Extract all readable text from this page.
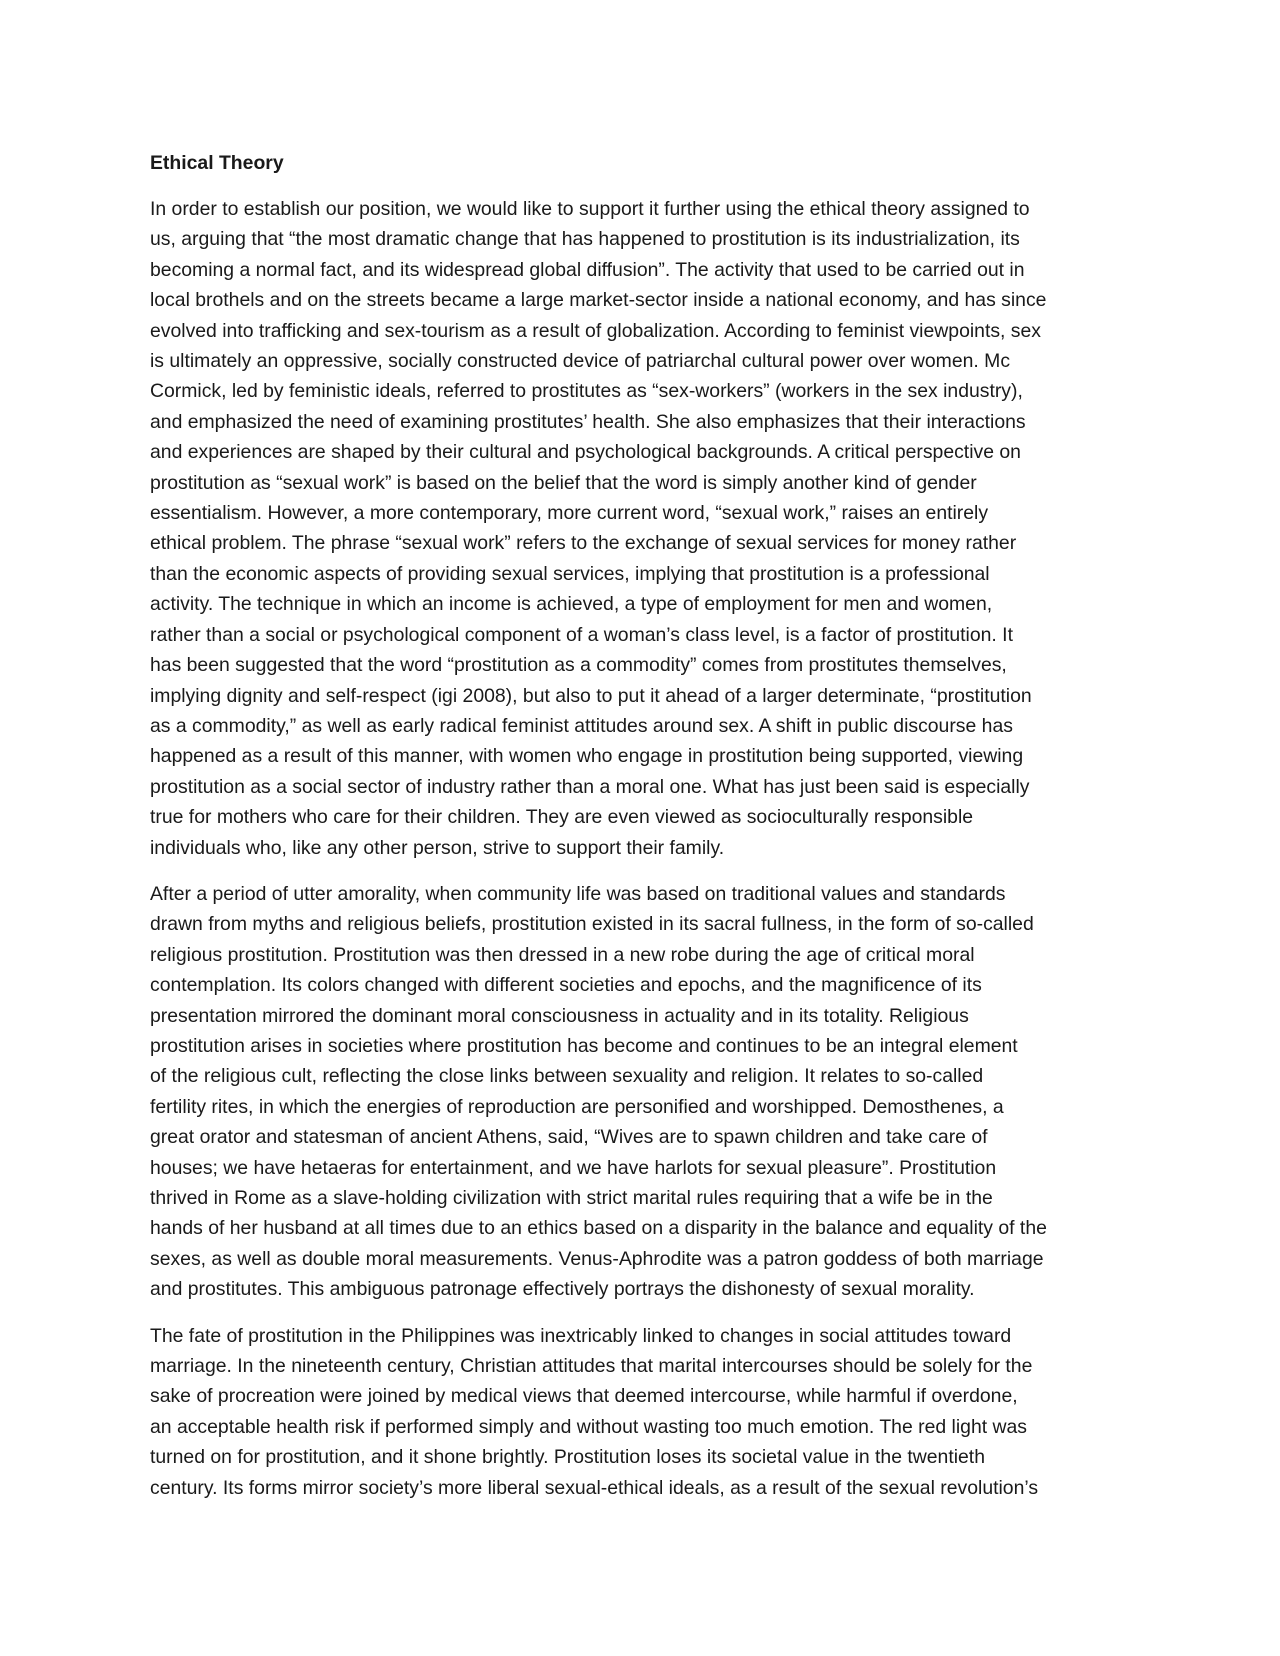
Ethical Theory
In order to establish our position, we would like to support it further using the ethical theory assigned to
us, arguing that “the most dramatic change that has happened to prostitution is its industrialization, its
becoming a normal fact, and its widespread global diffusion”. The activity that used to be carried out in
local brothels and on the streets became a large market-sector inside a national economy, and has since
evolved into trafficking and sex-tourism as a result of globalization. According to feminist viewpoints, sex
is ultimately an oppressive, socially constructed device of patriarchal cultural power over women. Mc
Cormick, led by feministic ideals, referred to prostitutes as “sex-workers” (workers in the sex industry),
and emphasized the need of examining prostitutes’ health. She also emphasizes that their interactions
and experiences are shaped by their cultural and psychological backgrounds. A critical perspective on
prostitution as “sexual work” is based on the belief that the word is simply another kind of gender
essentialism. However, a more contemporary, more current word, “sexual work,” raises an entirely
ethical problem. The phrase “sexual work” refers to the exchange of sexual services for money rather
than the economic aspects of providing sexual services, implying that prostitution is a professional
activity. The technique in which an income is achieved, a type of employment for men and women,
rather than a social or psychological component of a woman’s class level, is a factor of prostitution. It
has been suggested that the word “prostitution as a commodity” comes from prostitutes themselves,
implying dignity and self-respect (igi 2008), but also to put it ahead of a larger determinate, “prostitution
as a commodity,” as well as early radical feminist attitudes around sex. A shift in public discourse has
happened as a result of this manner, with women who engage in prostitution being supported, viewing
prostitution as a social sector of industry rather than a moral one. What has just been said is especially
true for mothers who care for their children. They are even viewed as socioculturally responsible
individuals who, like any other person, strive to support their family.
After a period of utter amorality, when community life was based on traditional values and standards
drawn from myths and religious beliefs, prostitution existed in its sacral fullness, in the form of so-called
religious prostitution. Prostitution was then dressed in a new robe during the age of critical moral
contemplation. Its colors changed with different societies and epochs, and the magnificence of its
presentation mirrored the dominant moral consciousness in actuality and in its totality. Religious
prostitution arises in societies where prostitution has become and continues to be an integral element
of the religious cult, reflecting the close links between sexuality and religion. It relates to so-called
fertility rites, in which the energies of reproduction are personified and worshipped. Demosthenes, a
great orator and statesman of ancient Athens, said, “Wives are to spawn children and take care of
houses; we have hetaeras for entertainment, and we have harlots for sexual pleasure”. Prostitution
thrived in Rome as a slave-holding civilization with strict marital rules requiring that a wife be in the
hands of her husband at all times due to an ethics based on a disparity in the balance and equality of the
sexes, as well as double moral measurements. Venus-Aphrodite was a patron goddess of both marriage
and prostitutes. This ambiguous patronage effectively portrays the dishonesty of sexual morality.
The fate of prostitution in the Philippines was inextricably linked to changes in social attitudes toward
marriage. In the nineteenth century, Christian attitudes that marital intercourses should be solely for the
sake of procreation were joined by medical views that deemed intercourse, while harmful if overdone,
an acceptable health risk if performed simply and without wasting too much emotion. The red light was
turned on for prostitution, and it shone brightly. Prostitution loses its societal value in the twentieth
century. Its forms mirror society’s more liberal sexual-ethical ideals, as a result of the sexual revolution’s
